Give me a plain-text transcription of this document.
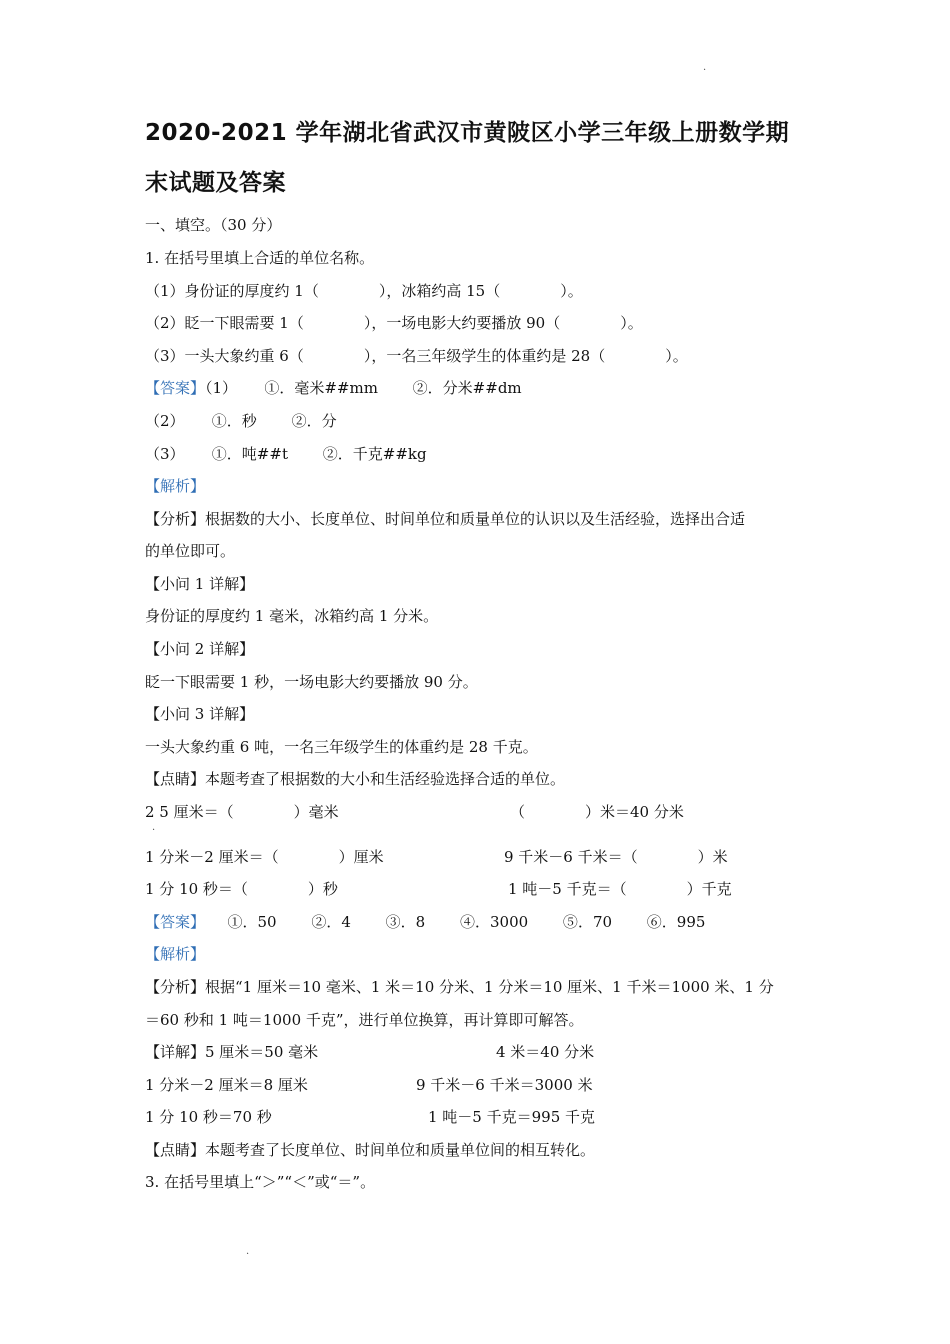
·
2020-2021 学年湖北省武汉市黄陂区小学三年级上册数学期
末试题及答案
一、填空。（30 分）
1. 在括号里填上合适的单位名称。
（1）身份证的厚度约 1（　　　　），冰箱约高 15（　　　　）。
（2）眨一下眼需要 1（　　　　），一场电影大约要播放 90（　　　　）。
（3）一头大象约重 6（　　　　），一名三年级学生的体重约是 28（　　　　）。
【答案】（1）　　 ①．毫米##mm　　 ②．分米##dm
（2）　　 ①．秒　　 ②．分
（3）　　 ①．吨##t　　 ②．千克##kg
【解析】
【分析】根据数的大小、长度单位、时间单位和质量单位的认识以及生活经验，选择出合适
的单位即可。
【小问 1 详解】
身份证的厚度约 1 毫米，冰箱约高 1 分米。
【小问 2 详解】
眨一下眼需要 1 秒，一场电影大约要播放 90 分。
【小问 3 详解】
一头大象约重 6 吨，一名三年级学生的体重约是 28 千克。
【点睛】本题考查了根据数的大小和生活经验选择合适的单位。
2 5 厘米＝（　　　　）毫米	（　　　　）米＝40 分米
·
1 分米－2 厘米＝（　　　　）厘米	9 千米－6 千米＝（　　　　）米
1 分 10 秒＝（　　　　）秒	1 吨－5 千克＝（　　　　）千克
【答案】　　①．50　　 ②．4　　 ③．8　　 ④．3000　　 ⑤．70　　 ⑥．995
【解析】
【分析】根据“1 厘米＝10 毫米、1 米＝10 分米、1 分米＝10 厘米、1 千米＝1000 米、1 分
＝60 秒和 1 吨＝1000 千克”，进行单位换算，再计算即可解答。
【详解】5 厘米＝50 毫米	4 米＝40 分米
1 分米－2 厘米＝8 厘米	9 千米－6 千米＝3000 米
1 分 10 秒＝70 秒	1 吨－5 千克＝995 千克
【点睛】本题考查了长度单位、时间单位和质量单位间的相互转化。
3. 在括号里填上“＞”“＜”或“＝”。
·
